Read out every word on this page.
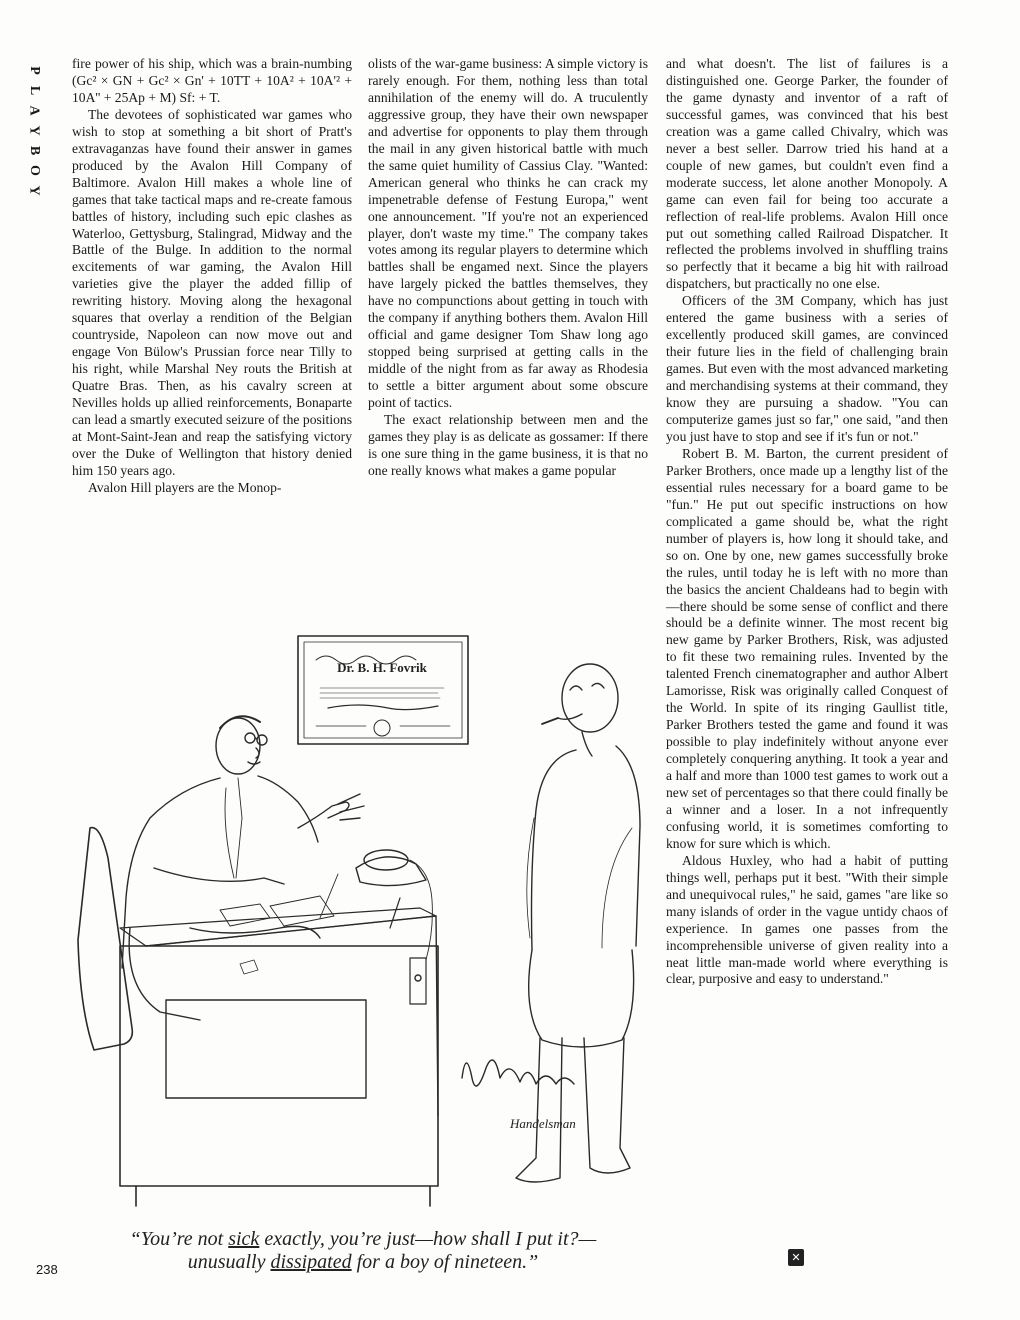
P
L
A
Y
B
O
Y

fire power of his ship, which was a brain-numbing (Gc² × GN + Gc² × Gn' + 10TT + 10A² + 10A'² + 10A'' + 25Ap + M) Sf: + T.

The devotees of sophisticated war games who wish to stop at something a bit short of Pratt's extravaganzas have found their answer in games produced by the Avalon Hill Company of Baltimore. Avalon Hill makes a whole line of games that take tactical maps and re-create famous battles of history, including such epic clashes as Waterloo, Gettysburg, Stalingrad, Midway and the Battle of the Bulge. In addition to the normal excitements of war gaming, the Avalon Hill varieties give the player the added fillip of rewriting history. Moving along the hexagonal squares that overlay a rendition of the Belgian countryside, Napoleon can now move out and engage Von Bülow's Prussian force near Tilly to his right, while Marshal Ney routs the British at Quatre Bras. Then, as his cavalry screen at Nevilles holds up allied reinforcements, Bonaparte can lead a smartly executed seizure of the positions at Mont-Saint-Jean and reap the satisfying victory over the Duke of Wellington that history denied him 150 years ago.

Avalon Hill players are the Monop-

olists of the war-game business: A simple victory is rarely enough. For them, nothing less than total annihilation of the enemy will do. A truculently aggressive group, they have their own newspaper and advertise for opponents to play them through the mail in any given historical battle with much the same quiet humility of Cassius Clay. "Wanted: American general who thinks he can crack my impenetrable defense of Festung Europa," went one announcement. "If you're not an experienced player, don't waste my time." The company takes votes among its regular players to determine which battles shall be engamed next. Since the players have largely picked the battles themselves, they have no compunctions about getting in touch with the company if anything bothers them. Avalon Hill official and game designer Tom Shaw long ago stopped being surprised at getting calls in the middle of the night from as far away as Rhodesia to settle a bitter argument about some obscure point of tactics.

The exact relationship between men and the games they play is as delicate as gossamer: If there is one sure thing in the game business, it is that no one really knows what makes a game popular

and what doesn't. The list of failures is a distinguished one. George Parker, the founder of the game dynasty and inventor of a raft of successful games, was convinced that his best creation was a game called Chivalry, which was never a best seller. Darrow tried his hand at a couple of new games, but couldn't even find a moderate success, let alone another Monopoly. A game can even fail for being too accurate a reflection of real-life problems. Avalon Hill once put out something called Railroad Dispatcher. It reflected the problems involved in shuffling trains so perfectly that it became a big hit with railroad dispatchers, but practically no one else.

Officers of the 3M Company, which has just entered the game business with a series of excellently produced skill games, are convinced their future lies in the field of challenging brain games. But even with the most advanced marketing and merchandising systems at their command, they know they are pursuing a shadow. "You can computerize games just so far," one said, "and then you just have to stop and see if it's fun or not."

Robert B. M. Barton, the current president of Parker Brothers, once made up a lengthy list of the essential rules necessary for a board game to be "fun." He put out specific instructions on how complicated a game should be, what the right number of players is, how long it should take, and so on. One by one, new games successfully broke the rules, until today he is left with no more than the basics the ancient Chaldeans had to begin with—there should be some sense of conflict and there should be a definite winner. The most recent big new game by Parker Brothers, Risk, was adjusted to fit these two remaining rules. Invented by the talented French cinematographer and author Albert Lamorisse, Risk was originally called Conquest of the World. In spite of its ringing Gaullist title, Parker Brothers tested the game and found it was possible to play indefinitely without anyone ever completely conquering anything. It took a year and a half and more than 1000 test games to work out a new set of percentages so that there could finally be a winner and a loser. In a not infrequently confusing world, it is sometimes comforting to know for sure which is which.

Aldous Huxley, who had a habit of putting things well, perhaps put it best. "With their simple and unequivocal rules," he said, games "are like so many islands of order in the vague untidy chaos of experience. In games one passes from the incomprehensible universe of given reality into a neat little man-made world where everything is clear, purposive and easy to understand."

Dr. B. H. Fovrik
Handelsman
“You’re not sick exactly, you’re just—how shall I put it?—unusually dissipated for a boy of nineteen.”
238
✕
